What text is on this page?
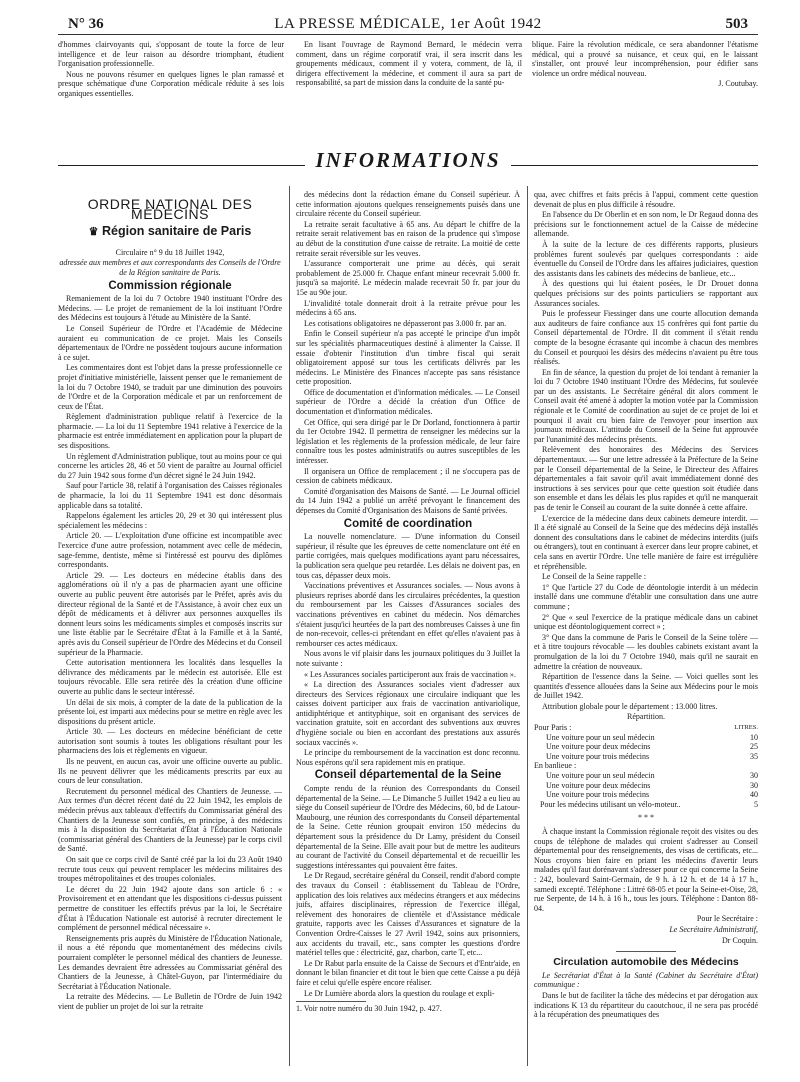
N° 36	LA PRESSE MÉDICALE, 1er Août 1942	503

d'hommes clairvoyants qui, s'opposant de toute la force de leur intelligence et de leur raison au désordre triomphant, étudient l'organisation professionnelle.

Nous ne pouvons résumer en quelques lignes le plan ramassé et presque schématique d'une Corporation médicale réduite à ses lois organiques essentielles.

En lisant l'ouvrage de Raymond Bernard, le médecin verra comment, dans un régime corporatif vrai, il sera inscrit dans les groupements médicaux, comment il y votera, comment, de là, il dirigera effectivement la médecine, et comment il aura sa part de responsabilité, sa part de mission dans la conduite de la santé pu-

blique. Faire la révolution médicale, ce sera abandonner l'étatisme médical, qui a prouvé sa nuisance, et ceux qui, en le laissant s'installer, ont prouvé leur incompréhension, pour édifier sans violence un ordre médical nouveau.

J. Coutubay.

INFORMATIONS
ORDRE NATIONAL DES MÉDECINS
♛ Région sanitaire de Paris

Circulaire n° 9 du 18 Juillet 1942,

adressée aux membres et aux correspondants des Conseils de l'Ordre de la Région sanitaire de Paris.

Commission régionale

Remaniement de la loi du 7 Octobre 1940 instituant l'Ordre des Médecins. — Le projet de remaniement de la loi instituant l'Ordre des Médecins est toujours à l'étude au Ministère de la Santé.

Le Conseil Supérieur de l'Ordre et l'Académie de Médecine auraient eu communication de ce projet. Mais les Conseils départementaux de l'Ordre ne possèdent toujours aucune information à ce sujet.

Les commentaires dont est l'objet dans la presse professionnelle ce projet d'initiative ministérielle, laissent penser que le remaniement de la loi du 7 Octobre 1940, se traduit par une diminution des pouvoirs de l'Ordre et de la Corporation médicale et par un renforcement de ceux de l'État.

Règlement d'administration publique relatif à l'exercice de la pharmacie. — La loi du 11 Septembre 1941 relative à l'exercice de la pharmacie est entrée immédiatement en application pour la plupart de ses dispositions.

Un règlement d'Administration publique, tout au moins pour ce qui concerne les articles 28, 46 et 50 vient de paraître au Journal officiel du 27 Juin 1942 sous forme d'un décret signé le 24 Juin 1942.

Sauf pour l'article 38, relatif à l'organisation des Caisses régionales de pharmacie, la loi du 11 Septembre 1941 est donc désormais applicable dans sa totalité.

Rappelons également les articles 20, 29 et 30 qui intéressent plus spécialement les médecins :

Article 20. — L'exploitation d'une officine est incompatible avec l'exercice d'une autre profession, notamment avec celle de médecin, sage-femme, dentiste, même si l'intéressé est pourvu des diplômes correspondants.

Article 29. — Les docteurs en médecine établis dans des agglomérations où il n'y a pas de pharmacien ayant une officine ouverte au public peuvent être autorisés par le Préfet, après avis du directeur régional de la Santé et de l'Assistance, à avoir chez eux un dépôt de médicaments et à délivrer aux personnes auxquelles ils donnent leurs soins les médicaments simples et composés inscrits sur une liste établie par le Secrétaire d'État à la Famille et à la Santé, après avis du Conseil supérieur de l'Ordre des Médecins et du Conseil supérieur de la Pharmacie.

Cette autorisation mentionnera les localités dans lesquelles la délivrance des médicaments par le médecin est autorisée. Elle est toujours révocable. Elle sera retirée dès la création d'une officine ouverte au public dans le secteur intéressé.

Un délai de six mois, à compter de la date de la publication de la présente loi, est imparti aux médecins pour se mettre en règle avec les dispositions du présent article.

Article 30. — Les docteurs en médecine bénéficiant de cette autorisation sont soumis à toutes les obligations résultant pour les pharmaciens des lois et règlements en vigueur.

Ils ne peuvent, en aucun cas, avoir une officine ouverte au public. Ils ne peuvent délivrer que les médicaments prescrits par eux au cours de leur consultation.

Recrutement du personnel médical des Chantiers de Jeunesse. — Aux termes d'un décret récent daté du 22 Juin 1942, les emplois de médecin prévus aux tableaux d'effectifs du Commissariat général des Chantiers de la Jeunesse sont confiés, en principe, à des médecins mis à la disposition du Secrétariat d'État à l'Éducation Nationale (commissariat général des Chantiers de la Jeunesse) par le corps civil de Santé.

On sait que ce corps civil de Santé créé par la loi du 23 Août 1940 recrute tous ceux qui peuvent remplacer les médecins militaires des troupes métropolitaines et des troupes coloniales.

Le décret du 22 Juin 1942 ajoute dans son article 6 : « Provisoirement et en attendant que les dispositions ci-dessus puissent permettre de constituer les effectifs prévus par la loi, le Secrétaire d'État à l'Éducation Nationale est autorisé à recruter directement le complément de personnel médical nécessaire ».

Renseignements pris auprès du Ministère de l'Éducation Nationale, il nous a été répondu que momentanément des médecins civils pourraient compléter le personnel médical des chantiers de Jeunesse. Les demandes devraient être adressées au Commissariat général des Chantiers de la Jeunesse, à Châtel-Guyon, par l'intermédiaire du Secrétariat à l'Éducation Nationale.

La retraite des Médecins. — Le Bulletin de l'Ordre de Juin 1942 vient de publier un projet de loi sur la retraite

des médecins dont la rédaction émane du Conseil supérieur. À cette information ajoutons quelques renseignements puisés dans une circulaire récente du Conseil supérieur.

La retraite serait facultative à 65 ans. Au départ le chiffre de la retraite serait relativement bas en raison de la prudence qui s'impose au début de la constitution d'une caisse de retraite. La moitié de cette retraite serait réversible sur les veuves.

L'assurance comporterait une prime au décès, qui serait probablement de 25.000 fr. Chaque enfant mineur recevrait 5.000 fr. jusqu'à sa majorité. Le médecin malade recevrait 50 fr. par jour du 15e au 90e jour.

L'invalidité totale donnerait droit à la retraite prévue pour les médecins à 65 ans.

Les cotisations obligatoires ne dépasseront pas 3.000 fr. par an.

Enfin le Conseil supérieur n'a pas accepté le principe d'un impôt sur les spécialités pharmaceutiques destiné à alimenter la Caisse. Il essaie d'obtenir l'institution d'un timbre fiscal qui serait obligatoirement apposé sur tous les certificats délivrés par les médecins. Le Ministère des Finances n'accepte pas sans résistance cette proposition.

Office de documentation et d'information médicales. — Le Conseil supérieur de l'Ordre a décidé la création d'un Office de documentation et d'information médicales.

Cet Office, qui sera dirigé par le Dr Dorland, fonctionnera à partir du 1er Octobre 1942. Il permettra de renseigner les médecins sur la législation et les règlements de la profession médicale, de leur faire connaître tous les postes administratifs ou autres susceptibles de les intéresser.

Il organisera un Office de remplacement ; il ne s'occupera pas de cession de cabinets médicaux.

Comité d'organisation des Maisons de Santé. — Le Journal officiel du 14 Juin 1942 a publié un arrêté prévoyant le financement des dépenses du Comité d'Organisation des Maisons de Santé privées.

Comité de coordination

La nouvelle nomenclature. — D'une information du Conseil supérieur, il résulte que les épreuves de cette nomenclature ont été en partie corrigées, mais quelques modifications ayant paru nécessaires, la publication sera quelque peu retardée. Les délais ne doivent pas, en tous cas, dépasser deux mois.

Vaccinations préventives et Assurances sociales. — Nous avons à plusieurs reprises abordé dans les circulaires précédentes, la question du remboursement par les Caisses d'Assurances sociales des vaccinations préventives en cabinet du médecin. Nos démarches s'étaient jusqu'ici heurtées de la part des nombreuses Caisses à une fin de non-recevoir, celles-ci prétendant en effet qu'elles n'avaient pas à rembourser ces actes médicaux.

Nous avons le vif plaisir dans les journaux politiques du 3 Juillet la note suivante :

« Les Assurances sociales participeront aux frais de vaccination ».

« La direction des Assurances sociales vient d'adresser aux directeurs des Services régionaux une circulaire indiquant que les caisses doivent participer aux frais de vaccination antivariolique, antidiphtérique et antityphique, soit en organisant des services de vaccination gratuite, soit en accordant des subventions aux œuvres d'hygiène sociale ou bien en accordant des prestations aux assurés sociaux vaccinés ».

Le principe du remboursement de la vaccination est donc reconnu. Nous espérons qu'il sera rapidement mis en pratique.

Conseil départemental de la Seine

Compte rendu de la réunion des Correspondants du Conseil départemental de la Seine. — Le Dimanche 5 Juillet 1942 a eu lieu au siège du Conseil supérieur de l'Ordre des Médecins, 60, bd de Latour-Maubourg, une réunion des correspondants du Conseil départemental de la Seine. Cette réunion groupait environ 150 médecins du département sous la présidence du Dr Lamy, président du Conseil départemental de la Seine. Elle avait pour but de mettre les auditeurs au courant de l'activité du Conseil départemental et de recueillir les suggestions intéressantes qui pouvaient être faites.

Le Dr Regaud, secrétaire général du Conseil, rendit d'abord compte des travaux du Conseil : établissement du Tableau de l'Ordre, application des lois relatives aux médecins étrangers et aux médecins juifs, affaires disciplinaires, répression de l'exercice illégal, relèvement des honoraires de clientèle et d'Assistance médicale gratuite, rapports avec les Caisses d'Assurances et signature de la Convention Ordre-Caisses le 27 Avril 1942, soins aux prisonniers, aux accidents du travail, etc., sans compter les questions d'ordre matériel telles que : électricité, gaz, charbon, carte T, etc...

Le Dr Rabut parla ensuite de la Caisse de Secours et d'Entr'aide, en donnant le bilan financier et dit tout le bien que cette Caisse a pu déjà faire et celui qu'elle espère encore réaliser.

Le Dr Lumière aborda alors la question du roulage et expli-

1. Voir notre numéro du 30 Juin 1942, p. 427.

qua, avec chiffres et faits précis à l'appui, comment cette question devenait de plus en plus difficile à résoudre.

En l'absence du Dr Oberlin et en son nom, le Dr Regaud donna des précisions sur le fonctionnement actuel de la Caisse de médecine allemande.

À la suite de la lecture de ces différents rapports, plusieurs problèmes furent soulevés par quelques correspondants : aide éventuelle du Conseil de l'Ordre dans les affaires judiciaires, question des assistants dans les cabinets des médecins de banlieue, etc...

À des questions qui lui étaient posées, le Dr Drouet donna quelques précisions sur des points particuliers se rapportant aux Assurances sociales.

Puis le professeur Fiessinger dans une courte allocution demanda aux auditeurs de faire confiance aux 15 confrères qui font partie du Conseil départemental de l'Ordre. Il dit comment il s'était rendu compte de la besogne écrasante qui incombe à chacun des membres du Conseil et pourquoi les désirs des médecins n'avaient pu être tous réalisés.

En fin de séance, la question du projet de loi tendant à remanier la loi du 7 Octobre 1940 instituant l'Ordre des Médecins, fut soulevée par un des assistants. Le Secrétaire général dit alors comment le Conseil avait été amené à adopter la motion votée par la Commission régionale et le Comité de coordination au sujet de ce projet de loi et pourquoi il avait cru bien faire de l'envoyer pour insertion aux journaux médicaux. L'attitude du Conseil de la Seine fut approuvée par l'unanimité des médecins présents.

Relèvement des honoraires des Médecins des Services départementaux. — Sur une lettre adressée à la Préfecture de la Seine par le Conseil départemental de la Seine, le Directeur des Affaires départementales a fait savoir qu'il avait immédiatement donné des instructions à ses services pour que cette question soit étudiée dans son ensemble et dans les délais les plus rapides et qu'il ne manquerait pas de tenir le Conseil au courant de la suite donnée à cette affaire.

L'exercice de la médecine dans deux cabinets demeure interdit. — Il a été signalé au Conseil de la Seine que des médecins déjà installés donnent des consultations dans le cabinet de médecins interdits (juifs ou étrangers), tout en continuant à exercer dans leur propre cabinet, et cela sans en avertir l'Ordre. Une telle manière de faire est irrégulière et répréhensible.

Le Conseil de la Seine rappelle :

1° Que l'article 27 du Code de déontologie interdit à un médecin installé dans une commune d'établir une consultation dans une autre commune ;

2° Que « seul l'exercice de la pratique médicale dans un cabinet unique est déontologiquement correct » ;

3° Que dans la commune de Paris le Conseil de la Seine tolère — et à titre toujours révocable — les doubles cabinets existant avant la promulgation de la loi du 7 Octobre 1940, mais qu'il ne saurait en admettre la création de nouveaux.

Répartition de l'essence dans la Seine. — Voici quelles sont les quantités d'essence allouées dans la Seine aux Médecins pour le mois de Juillet 1942.

Attribution globale pour le département : 13.000 litres.

Répartition.

Pour Paris :	LITRES.
Une voiture pour un seul médecin	10
Une voiture pour deux médecins	25
Une voiture pour trois médecins	35
En banlieue :	
Une voiture pour un seul médecin	30
Une voiture pour deux médecins	30
Une voiture pour trois médecins	40
Pour les médecins utilisant un vélo-moteur..	5
* * *

À chaque instant la Commission régionale reçoit des visites ou des coups de téléphone de malades qui croient s'adresser au Conseil départemental pour des renseignements, des visas de certificats, etc... Nous croyons bien faire en priant les médecins d'avertir leurs malades qu'il faut dorénavant s'adresser pour ce qui concerne la Seine : 242, boulevard Saint-Germain, de 9 h. à 12 h. et de 14 à 17 h., samedi excepté. Téléphone : Littré 68-05 et pour la Seine-et-Oise, 28, rue Serpente, de 14 h. à 16 h., tous les jours. Téléphone : Danton 88-04.

Pour le Secrétaire :

Le Secrétaire Administratif,

Dr Coquin.

Circulation automobile des Médecins

Le Secrétariat d'État à la Santé (Cabinet du Secrétaire d'État) communique :

Dans le but de faciliter la tâche des médecins et par dérogation aux indications K 13 du répartiteur du caoutchouc, il ne sera pas procédé à la récupération des pneumatiques des
